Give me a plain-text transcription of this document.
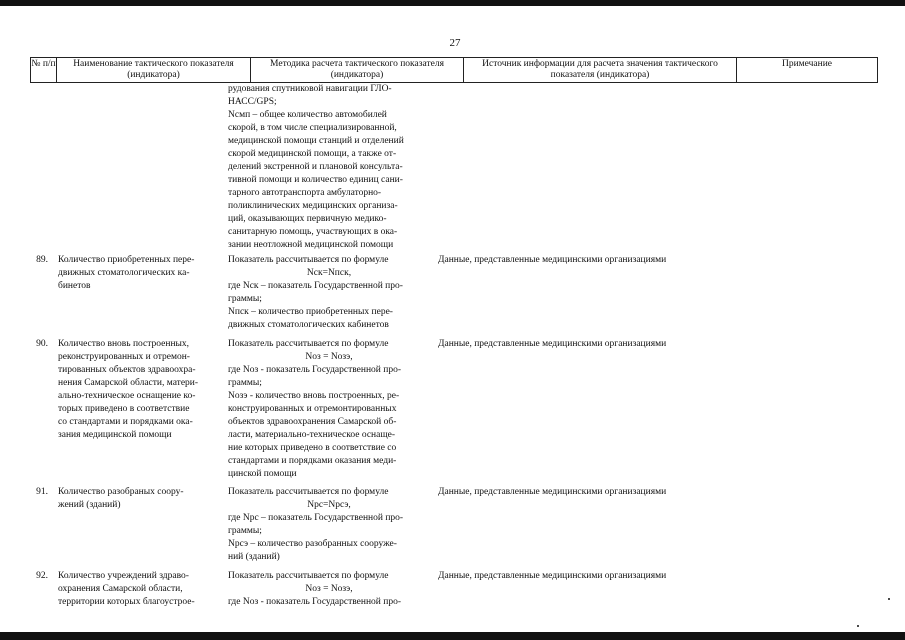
27
№ п/п	Наименование тактического показателя (индикатора)
Методика расчета тактического показателя (индикатора)
Источник информации для расчета значения тактического показателя (индикатора)
Примечание
рудования спутниковой навигации ГЛО-
НАСС/GPS;
Nсмп – общее количество автомобилей
скорой, в том числе специализированной,
медицинской помощи станций и отделений
скорой медицинской помощи, а также от-
делений экстренной и плановой консульта-
тивной помощи и количество единиц сани-
тарного автотранспорта амбулаторно-
поликлинических медицинских организа-
ций, оказывающих первичную медико-
санитарную помощь, участвующих в ока-
зании неотложной медицинской помощи
89. Количество приобретенных пере-
движных стоматологических ка-
бинетов
Показатель рассчитывается по формуле
Nск=Nпск,
где Nск – показатель Государственной про-
граммы;
Nпск – количество приобретенных пере-
движных стоматологических кабинетов
Данные, представленные медицинскими организациями
90. Количество вновь построенных,
реконструированных и отремон-
тированных объектов здравоохра-
нения Самарской области, матери-
ально-техническое оснащение ко-
торых приведено в соответствие
со стандартами и порядками ока-
зания медицинской помощи
Показатель рассчитывается по формуле
Nоз = Nозэ,
где Nоз - показатель Государственной про-
граммы;
Nозэ - количество вновь построенных, ре-
конструированных и отремонтированных
объектов здравоохранения Самарской об-
ласти, материально-техническое оснаще-
ние которых приведено в соответствие со
стандартами и порядками оказания меди-
цинской помощи
Данные, представленные медицинскими организациями
91. Количество разобраных соору-
жений (зданий)
Показатель рассчитывается по формуле
Nрс=Nрсэ,
где Nрс – показатель Государственной про-
граммы;
Nрсэ – количество разобранных сооруже-
ний (зданий)
Данные, представленные медицинскими организациями
92. Количество учреждений здраво-
охранения Самарской области,
территории которых благоустрое-
Показатель рассчитывается по формуле
Nоз = Nозэ,
где Nоз - показатель Государственной про-
Данные, представленные медицинскими организациями
